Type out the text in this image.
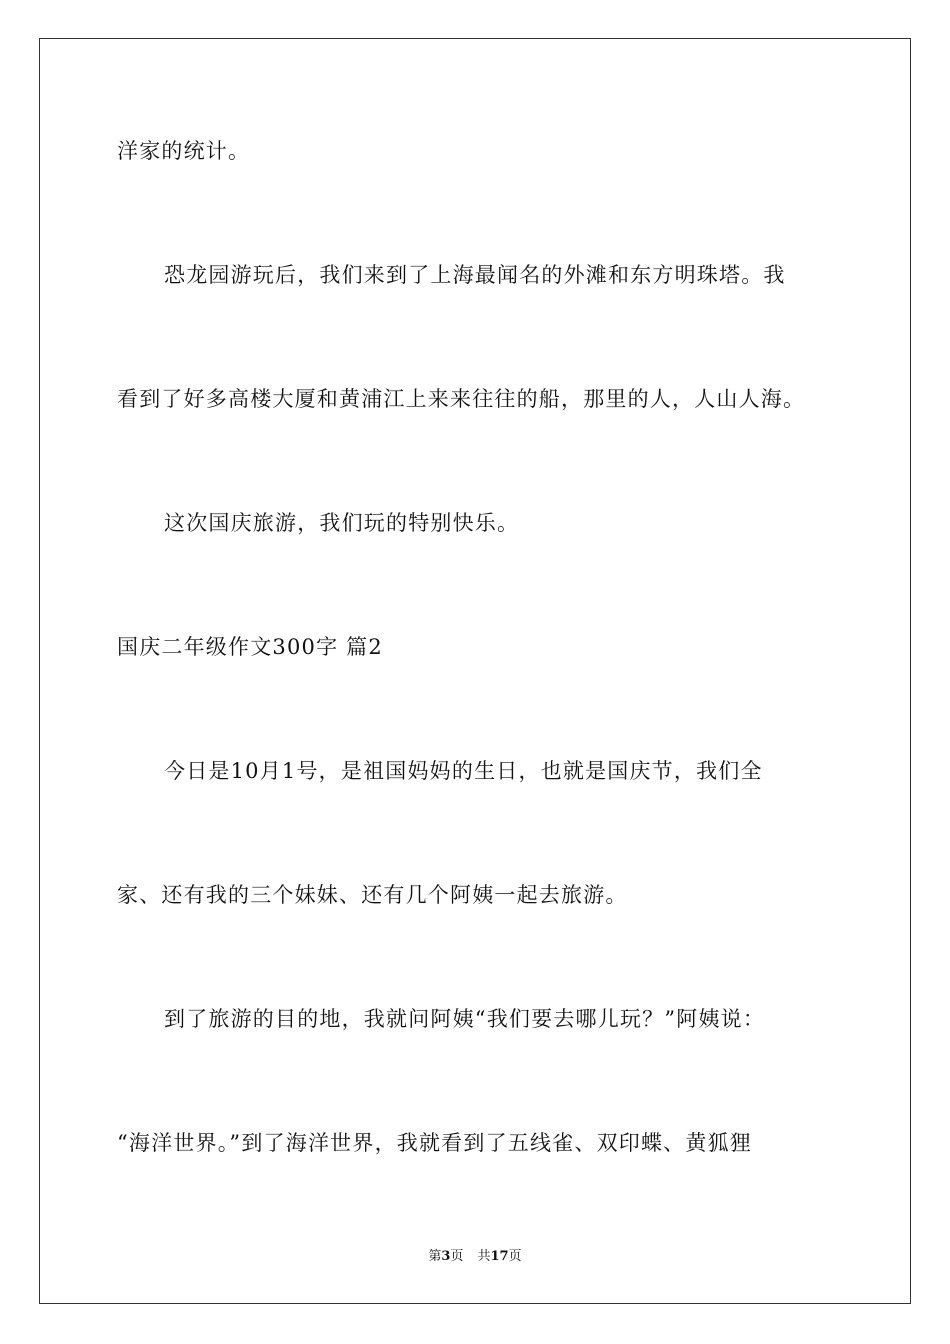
洋家的统计。
恐龙园游玩后，我们来到了上海最闻名的外滩和东方明珠塔。我
看到了好多高楼大厦和黄浦江上来来往往的船，那里的人，人山人海。
这次国庆旅游，我们玩的特别快乐。
国庆二年级作文300字 篇2
今日是10月1号，是祖国妈妈的生日，也就是国庆节，我们全
家、还有我的三个妹妹、还有几个阿姨一起去旅游。
到了旅游的目的地，我就问阿姨“我们要去哪儿玩？”阿姨说：
“海洋世界。”到了海洋世界，我就看到了五线雀、双印蝶、黄狐狸
第3页 共17页
